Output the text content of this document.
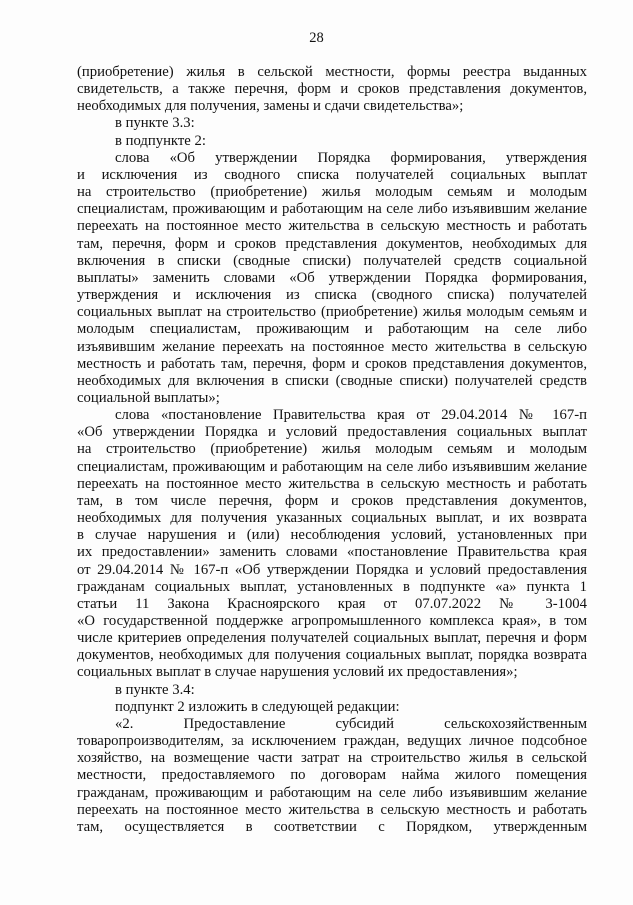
28
(приобретение) жилья в сельской местности, формы реестра выданных
свидетельств, а также перечня, форм и сроков представления документов,
необходимых для получения, замены и сдачи свидетельства»;
в пункте 3.3:
в подпункте 2:
слова «Об утверждении Порядка формирования, утверждения
и исключения из сводного списка получателей социальных выплат
на строительство (приобретение) жилья молодым семьям и молодым
специалистам, проживающим и работающим на селе либо изъявившим желание
переехать на постоянное место жительства в сельскую местность и работать
там, перечня, форм и сроков представления документов, необходимых для
включения в списки (сводные списки) получателей средств социальной
выплаты» заменить словами «Об утверждении Порядка формирования,
утверждения и исключения из списка (сводного списка) получателей
социальных выплат на строительство (приобретение) жилья молодым семьям и
молодым специалистам, проживающим и работающим на селе либо
изъявившим желание переехать на постоянное место жительства в сельскую
местность и работать там, перечня, форм и сроков представления документов,
необходимых для включения в списки (сводные списки) получателей средств
социальной выплаты»;
слова «постановление Правительства края от 29.04.2014 № 167-п
«Об утверждении Порядка и условий предоставления социальных выплат
на строительство (приобретение) жилья молодым семьям и молодым
специалистам, проживающим и работающим на селе либо изъявившим желание
переехать на постоянное место жительства в сельскую местность и работать
там, в том числе перечня, форм и сроков представления документов,
необходимых для получения указанных социальных выплат, и их возврата
в случае нарушения и (или) несоблюдения условий, установленных при
их предоставлении» заменить словами «постановление Правительства края
от 29.04.2014 № 167-п «Об утверждении Порядка и условий предоставления
гражданам социальных выплат, установленных в подпункте «а» пункта 1
статьи 11 Закона Красноярского края от 07.07.2022 № 3-1004
«О государственной поддержке агропромышленного комплекса края», в том
числе критериев определения получателей социальных выплат, перечня и форм
документов, необходимых для получения социальных выплат, порядка возврата
социальных выплат в случае нарушения условий их предоставления»;
в пункте 3.4:
подпункт 2 изложить в следующей редакции:
«2. Предоставление субсидий сельскохозяйственным
товаропроизводителям, за исключением граждан, ведущих личное подсобное
хозяйство, на возмещение части затрат на строительство жилья в сельской
местности, предоставляемого по договорам найма жилого помещения
гражданам, проживающим и работающим на селе либо изъявившим желание
переехать на постоянное место жительства в сельскую местность и работать
там, осуществляется в соответствии с Порядком, утвержденным
